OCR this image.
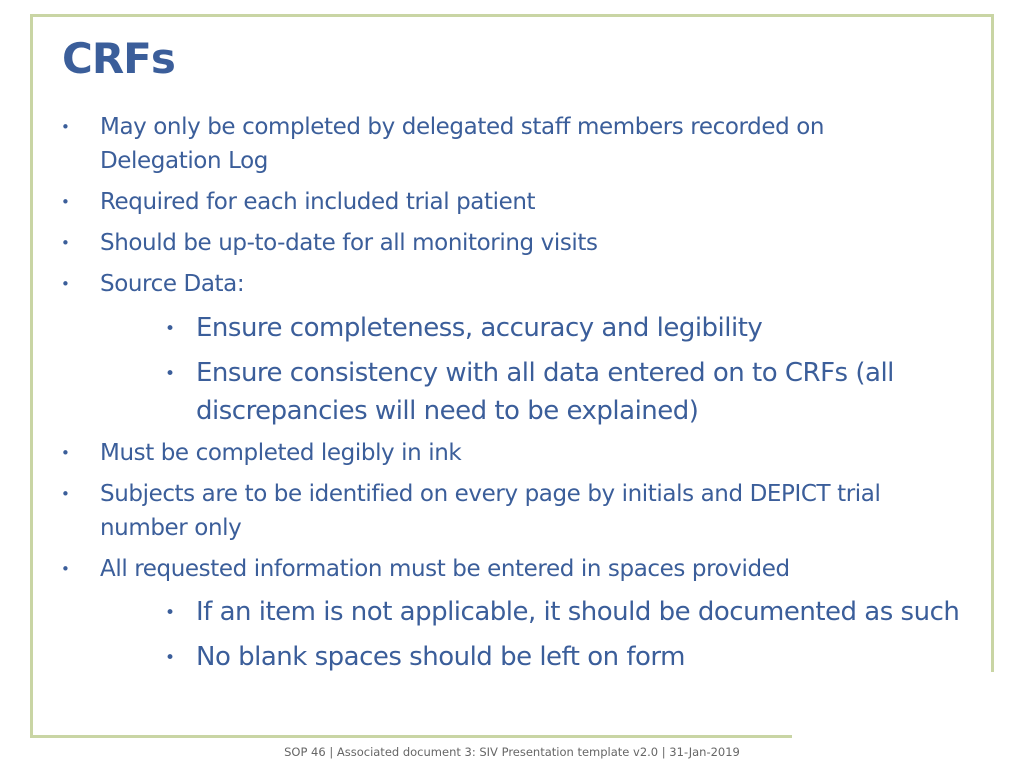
CRFs
• May only be completed by delegated staff members recorded on Delegation Log
• Required for each included trial patient
• Should be up-to-date for all monitoring visits
• Source Data:
• Ensure completeness, accuracy and legibility
• Ensure consistency with all data entered on to CRFs (all discrepancies will need to be explained)
• Must be completed legibly in ink
• Subjects are to be identified on every page by initials and DEPICT trial number only
• All requested information must be entered in spaces provided
• If an item is not applicable, it should be documented as such
• No blank spaces should be left on form
SOP 46 | Associated document 3: SIV Presentation template v2.0 | 31-Jan-2019
